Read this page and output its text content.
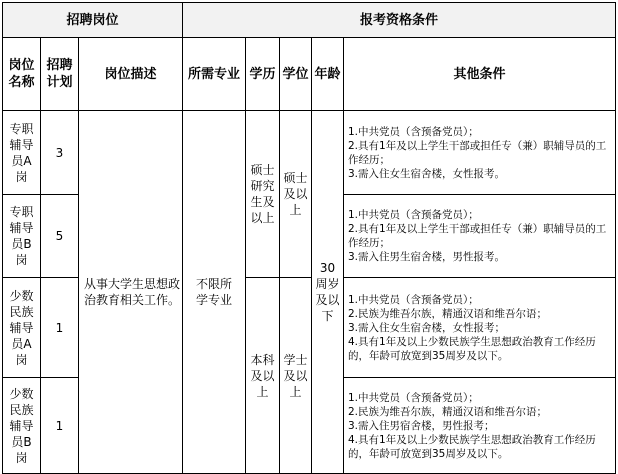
招聘岗位			报考资格条件				

岗位名称	招聘计划	岗位描述	所需专业	学历	学位	年龄	其他条件

专职辅导员A岗	3	从事大学生思想政治教育相关工作。	不限所学专业	硕士研究生及以上	硕士及以上	30周岁及以下	1.中共党员（含预备党员）；
2.具有1年及以上学生干部或担任专（兼）职辅导员的工作经历；
3.需入住女生宿舍楼，女性报考。

专职辅导员B岗	5						1.中共党员（含预备党员）；
2.具有1年及以上学生干部或担任专（兼）职辅导员的工作经历；
3.需入住男生宿舍楼，男性报考。

少数民族辅导员A岗	1			本科及以上	学士及以上		1.中共党员（含预备党员）；
2.民族为维吾尔族，精通汉语和维吾尔语；
3.需入住女生宿舍楼，女性报考；
4.具有1年及以上少数民族学生思想政治教育工作经历的，年龄可放宽到35周岁及以下。

少数民族辅导员B岗	1						1.中共党员（含预备党员）；
2.民族为维吾尔族，精通汉语和维吾尔语；
3.需入住男宿舍楼，男性报考；
4.具有1年及以上少数民族学生思想政治教育工作经历的，年龄可放宽到35周岁及以下。
